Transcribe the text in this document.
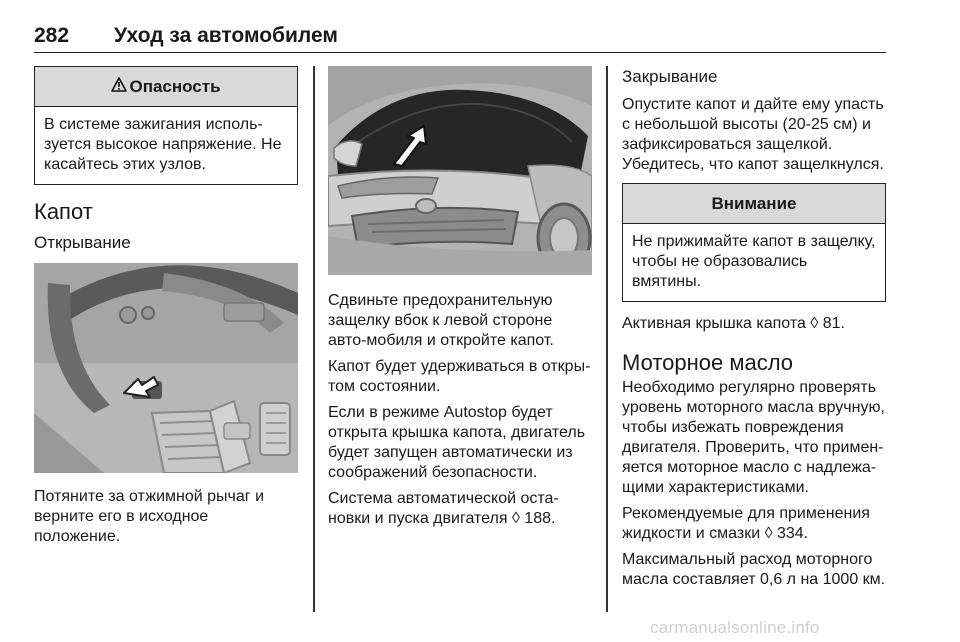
282 Уход за автомобилем
Опасность
В системе зажигания исполь-зуется высокое напряжение. Не касайтесь этих узлов.
Капот
Открывание

Потяните за отжимной рычаг и верните его в исходное положение.

Сдвиньте предохранительную защелку вбок к левой стороне авто-мобиля и откройте капот.

Капот будет удерживаться в откры-том состоянии.

Если в режиме Autostop будет открыта крышка капота, двигатель будет запущен автоматически из соображений безопасности.

Система автоматической оста-новки и пуска двигателя ◊ 188.

Закрывание

Опустите капот и дайте ему упасть с небольшой высоты (20-25 см) и зафиксироваться защелкой. Убедитесь, что капот защелкнулся.

Внимание
Не прижимайте капот в защелку, чтобы не образовались вмятины.

Активная крышка капота ◊ 81.

Моторное масло

Необходимо регулярно проверять уровень моторного масла вручную, чтобы избежать повреждения двигателя. Проверить, что примен-яется моторное масло с надлежа-щими характеристиками.

Рекомендуемые для применения жидкости и смазки ◊ 334.

Максимальный расход моторного масла составляет 0,6 л на 1000 км.

carmanualsonline.info
